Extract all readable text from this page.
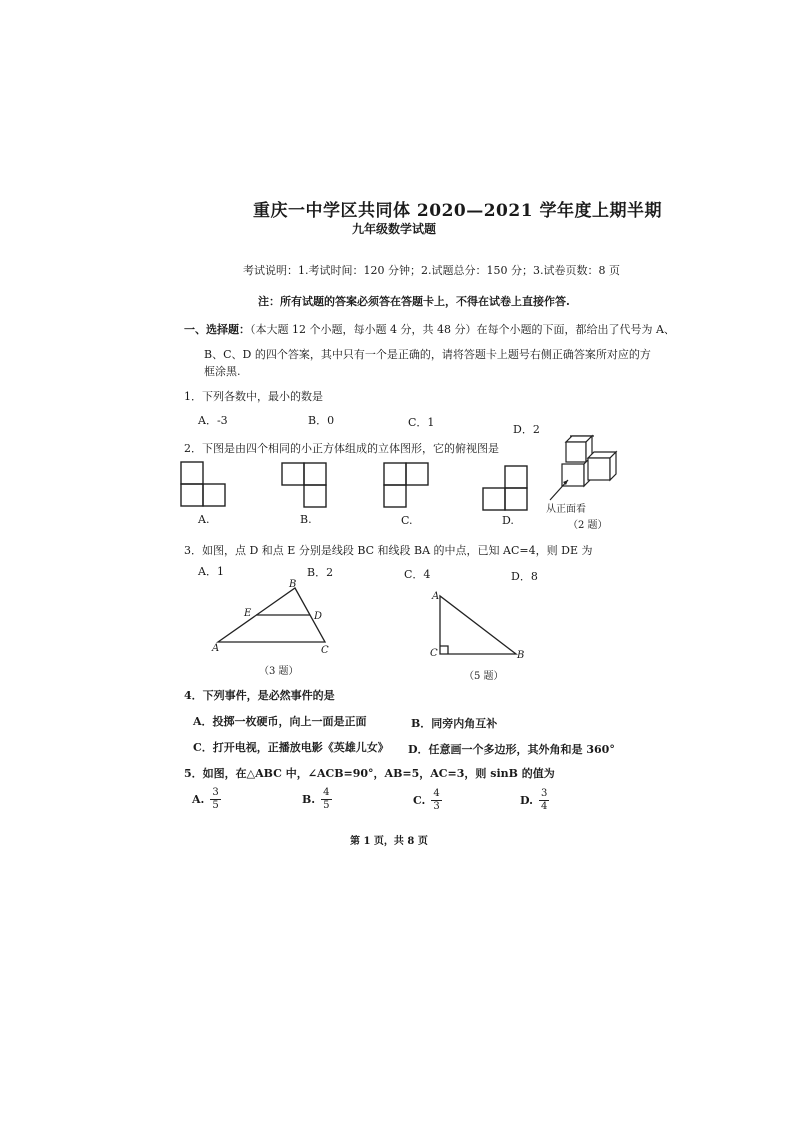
重庆一中学区共同体 2020—2021 学年度上期半期
九年级数学试题
考试说明：1.考试时间：120 分钟；2.试题总分：150 分；3.试卷页数：8 页
注：所有试题的答案必须答在答题卡上，不得在试卷上直接作答.
一、选择题：（本大题 12 个小题，每小题 4 分，共 48 分）在每个小题的下面，都给出了代号为 A、
B、C、D 的四个答案，其中只有一个是正确的，请将答题卡上题号右侧正确答案所对应的方
框涂黑.
1．下列各数中，最小的数是
A．-3	B．0	C．1
D．2
2．下图是由四个相同的小正方体组成的立体图形，它的俯视图是
A.	B.	C.	D.
从正面看
（2 题）
3．如图，点 D 和点 E 分别是线段 BC 和线段 BA 的中点，已知 AC=4，则 DE 为
A．1	B．2	C．4	D．8
B
E	D
A	C
（3 题）
A
C	B
（5 题）
4．下列事件，是必然事件的是
A．投掷一枚硬币，向上一面是正面	B．同旁内角互补
C．打开电视，正播放电影《英雄儿女》 D．任意画一个多边形，其外角和是 360°
5．如图，在△ABC 中，∠ACB=90°，AB=5，AC=3，则 sinB 的值为
A. $\frac{3}{5}$	B. $\frac{4}{5}$	C. $\frac{4}{3}$	D. $\frac{3}{4}$
第 1 页，共 8 页
